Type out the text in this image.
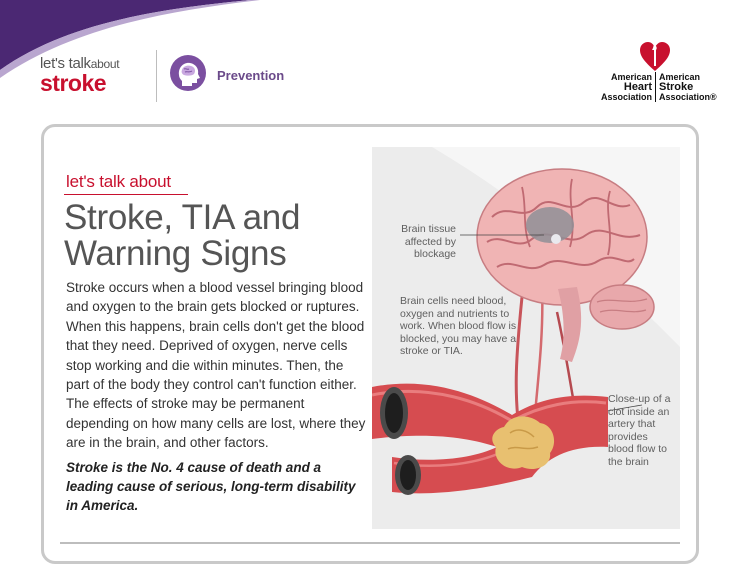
let's talkabout
stroke	Prevention	American
Heart
Association
American
Stroke
Association®
let's talk about
Stroke, TIA and
Warning Signs

Stroke occurs when a blood vessel bringing blood and oxygen to the brain gets blocked or ruptures. When this happens, brain cells don't get the blood that they need. Deprived of oxygen, nerve cells stop working and die within minutes. Then, the part of the body they control can't function either. The effects of stroke may be permanent depending on how many cells are lost, where they are in the brain, and other factors.

Stroke is the No. 4 cause of death and a leading cause of serious, long-term disability in America.
Brain tissue affected by blockage
Brain cells need blood, oxygen and nutrients to work. When blood flow is blocked, you may have a stroke or TIA.
Close-up of a clot inside an artery that provides blood flow to the brain
